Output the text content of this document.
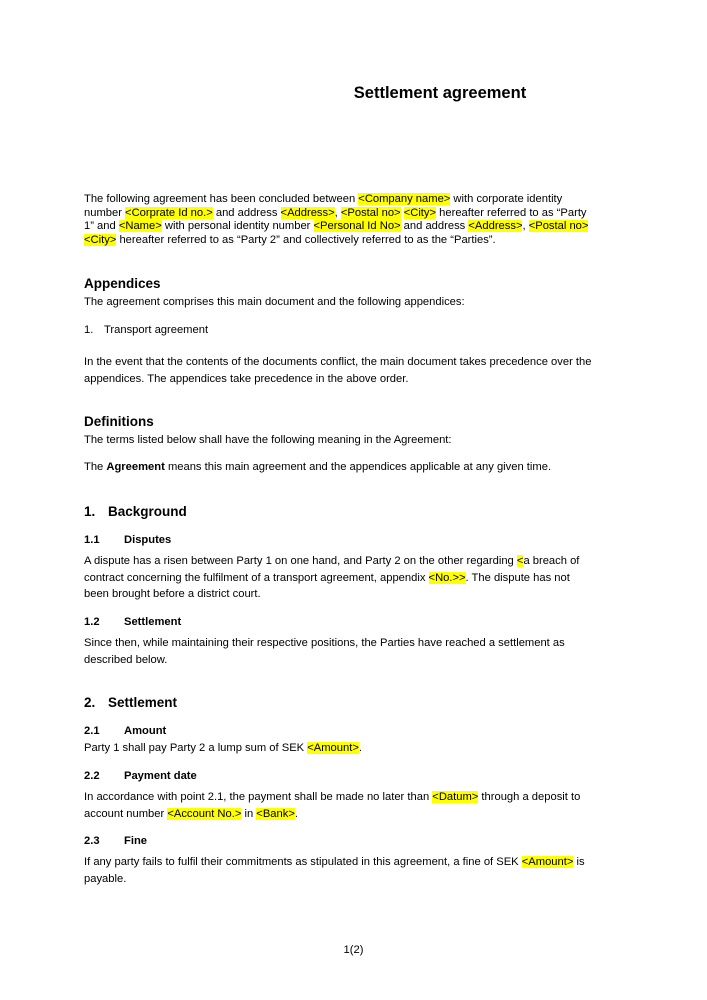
Settlement agreement
The following agreement has been concluded between <Company name> with corporate identity
number <Corprate Id no.> and address <Address>, <Postal no> <City> hereafter referred to as “Party
1” and <Name> with personal identity number <Personal Id No> and address <Address>, <Postal no>
<City> hereafter referred to as “Party 2” and collectively referred to as the “Parties”.
Appendices
The agreement comprises this main document and the following appendices:
1. Transport agreement
In the event that the contents of the documents conflict, the main document takes precedence over the
appendices. The appendices take precedence in the above order.
Definitions
The terms listed below shall have the following meaning in the Agreement:
The Agreement means this main agreement and the appendices applicable at any given time.
1. Background
1.1 Disputes
A dispute has a risen between Party 1 on one hand, and Party 2 on the other regarding <a breach of
contract concerning the fulfilment of a transport agreement, appendix <No.>>. The dispute has not
been brought before a district court.
1.2 Settlement
Since then, while maintaining their respective positions, the Parties have reached a settlement as
described below.
2. Settlement
2.1 Amount
Party 1 shall pay Party 2 a lump sum of SEK <Amount>.
2.2 Payment date
In accordance with point 2.1, the payment shall be made no later than <Datum> through a deposit to
account number <Account No.> in <Bank>.
2.3 Fine
If any party fails to fulfil their commitments as stipulated in this agreement, a fine of SEK <Amount> is
payable.
1(2)
